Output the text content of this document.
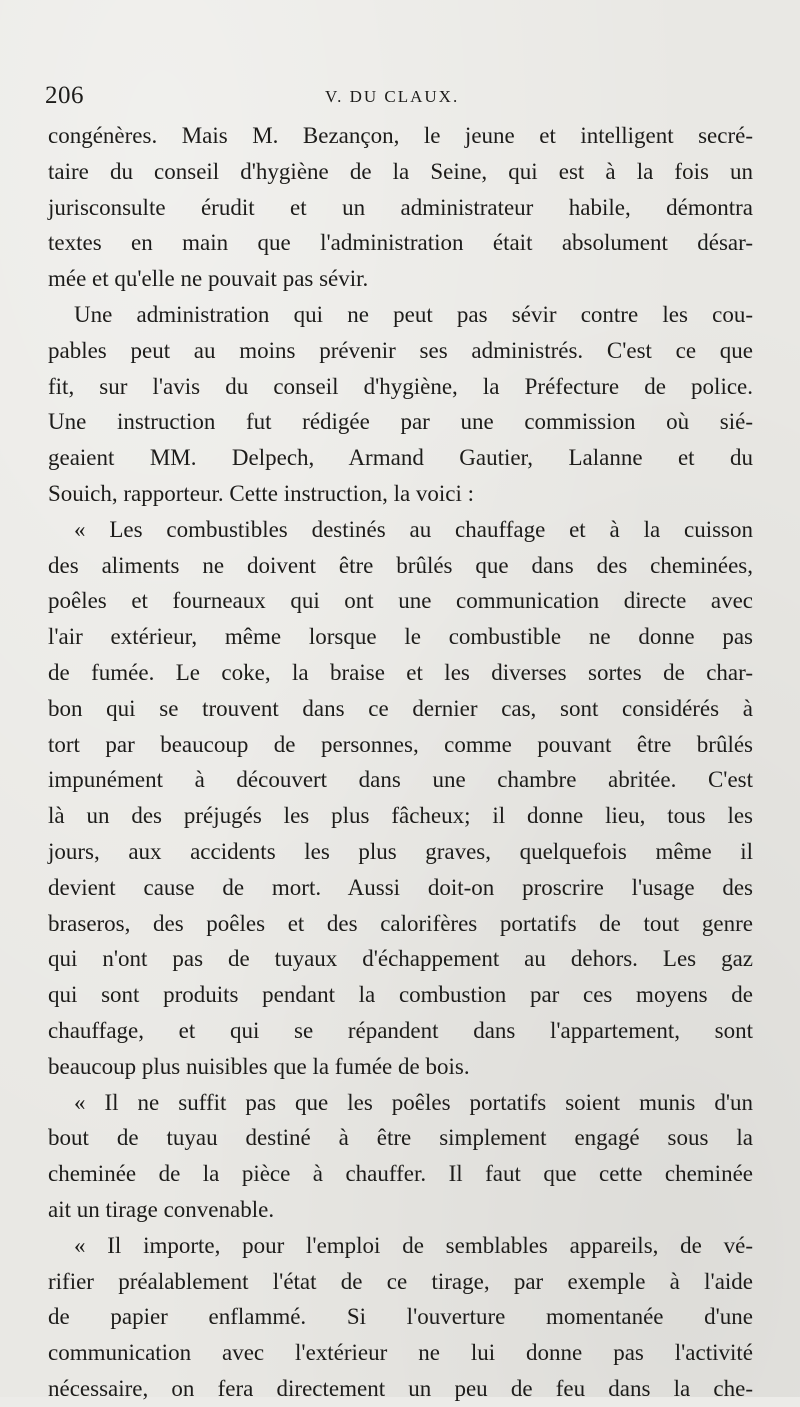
206	V. DU CLAUX.
congénères. Mais M. Bezançon, le jeune et intelligent secré-
taire du conseil d'hygiène de la Seine, qui est à la fois un
jurisconsulte érudit et un administrateur habile, démontra
textes en main que l'administration était absolument désar-
mée et qu'elle ne pouvait pas sévir.
Une administration qui ne peut pas sévir contre les cou-
pables peut au moins prévenir ses administrés. C'est ce que
fit, sur l'avis du conseil d'hygiène, la Préfecture de police.
Une instruction fut rédigée par une commission où sié-
geaient MM. Delpech, Armand Gautier, Lalanne et du
Souich, rapporteur. Cette instruction, la voici :
« Les combustibles destinés au chauffage et à la cuisson
des aliments ne doivent être brûlés que dans des cheminées,
poêles et fourneaux qui ont une communication directe avec
l'air extérieur, même lorsque le combustible ne donne pas
de fumée. Le coke, la braise et les diverses sortes de char-
bon qui se trouvent dans ce dernier cas, sont considérés à
tort par beaucoup de personnes, comme pouvant être brûlés
impunément à découvert dans une chambre abritée. C'est
là un des préjugés les plus fâcheux; il donne lieu, tous les
jours, aux accidents les plus graves, quelquefois même il
devient cause de mort. Aussi doit-on proscrire l'usage des
braseros, des poêles et des calorifères portatifs de tout genre
qui n'ont pas de tuyaux d'échappement au dehors. Les gaz
qui sont produits pendant la combustion par ces moyens de
chauffage, et qui se répandent dans l'appartement, sont
beaucoup plus nuisibles que la fumée de bois.
« Il ne suffit pas que les poêles portatifs soient munis d'un
bout de tuyau destiné à être simplement engagé sous la
cheminée de la pièce à chauffer. Il faut que cette cheminée
ait un tirage convenable.
« Il importe, pour l'emploi de semblables appareils, de vé-
rifier préalablement l'état de ce tirage, par exemple à l'aide
de papier enflammé. Si l'ouverture momentanée d'une
communication avec l'extérieur ne lui donne pas l'activité
nécessaire, on fera directement un peu de feu dans la che-
